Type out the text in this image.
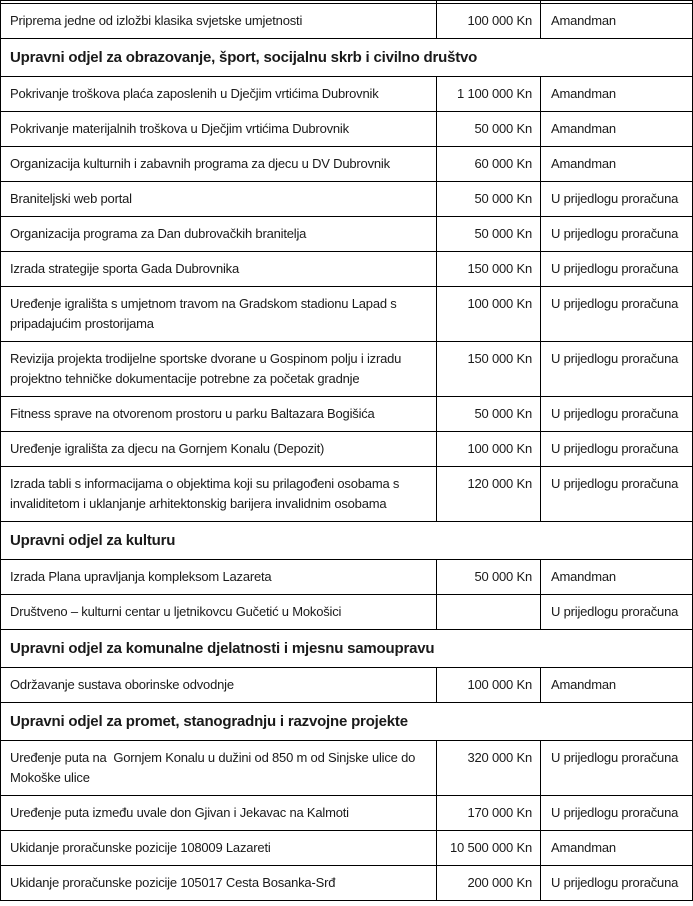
Priprema jedne od izložbi klasika svjetske umjetnosti	100 000 Kn	Amandman
Upravni odjel za obrazovanje, šport, socijalnu skrb i civilno društvo		
Pokrivanje troškova plaća zaposlenih u Dječjim vrtićima Dubrovnik	1 100 000 Kn	Amandman
Pokrivanje materijalnih troškova u Dječjim vrtićima Dubrovnik	50 000 Kn	Amandman
Organizacija kulturnih i zabavnih programa za djecu u DV Dubrovnik	60 000 Kn	Amandman
Braniteljski web portal	50 000 Kn	U prijedlogu proračuna
Organizacija programa za Dan dubrovačkih branitelja	50 000 Kn	U prijedlogu proračuna
Izrada strategije sporta Gada Dubrovnika	150 000 Kn	U prijedlogu proračuna
Uređenje igrališta s umjetnom travom na Gradskom stadionu Lapad s pripadajućim prostorijama	100 000 Kn	U prijedlogu proračuna
Revizija projekta trodijelne sportske dvorane u Gospinom polju i izradu projektno tehničke dokumentacije potrebne za početak gradnje	150 000 Kn	U prijedlogu proračuna
Fitness sprave na otvorenom prostoru u parku Baltazara Bogišića	50 000 Kn	U prijedlogu proračuna
Uređenje igrališta za djecu na Gornjem Konalu (Depozit)	100 000 Kn	U prijedlogu proračuna
Izrada tabli s informacijama o objektima koji su prilagođeni osobama s invaliditetom i uklanjanje arhitektonskig barijera invalidnim osobama	120 000 Kn	U prijedlogu proračuna
Upravni odjel za kulturu		
Izrada Plana upravljanja kompleksom Lazareta	50 000 Kn	Amandman
Društveno – kulturni centar u ljetnikovcu Gučetić u Mokošici		U prijedlogu proračuna
Upravni odjel za komunalne djelatnosti i mjesnu samoupravu		
Održavanje sustava oborinske odvodnje	100 000 Kn	Amandman
Upravni odjel za promet, stanogradnju i razvojne projekte		
Uređenje puta na  Gornjem Konalu u dužini od 850 m od Sinjske ulice do Mokoške ulice	320 000 Kn	U prijedlogu proračuna
Uređenje puta između uvale don Gjivan i Jekavac na Kalmoti	170 000 Kn	U prijedlogu proračuna
Ukidanje proračunske pozicije 108009 Lazareti	10 500 000 Kn	Amandman
Ukidanje proračunske pozicije 105017 Cesta Bosanka-Srđ	200 000 Kn	U prijedlogu proračuna
